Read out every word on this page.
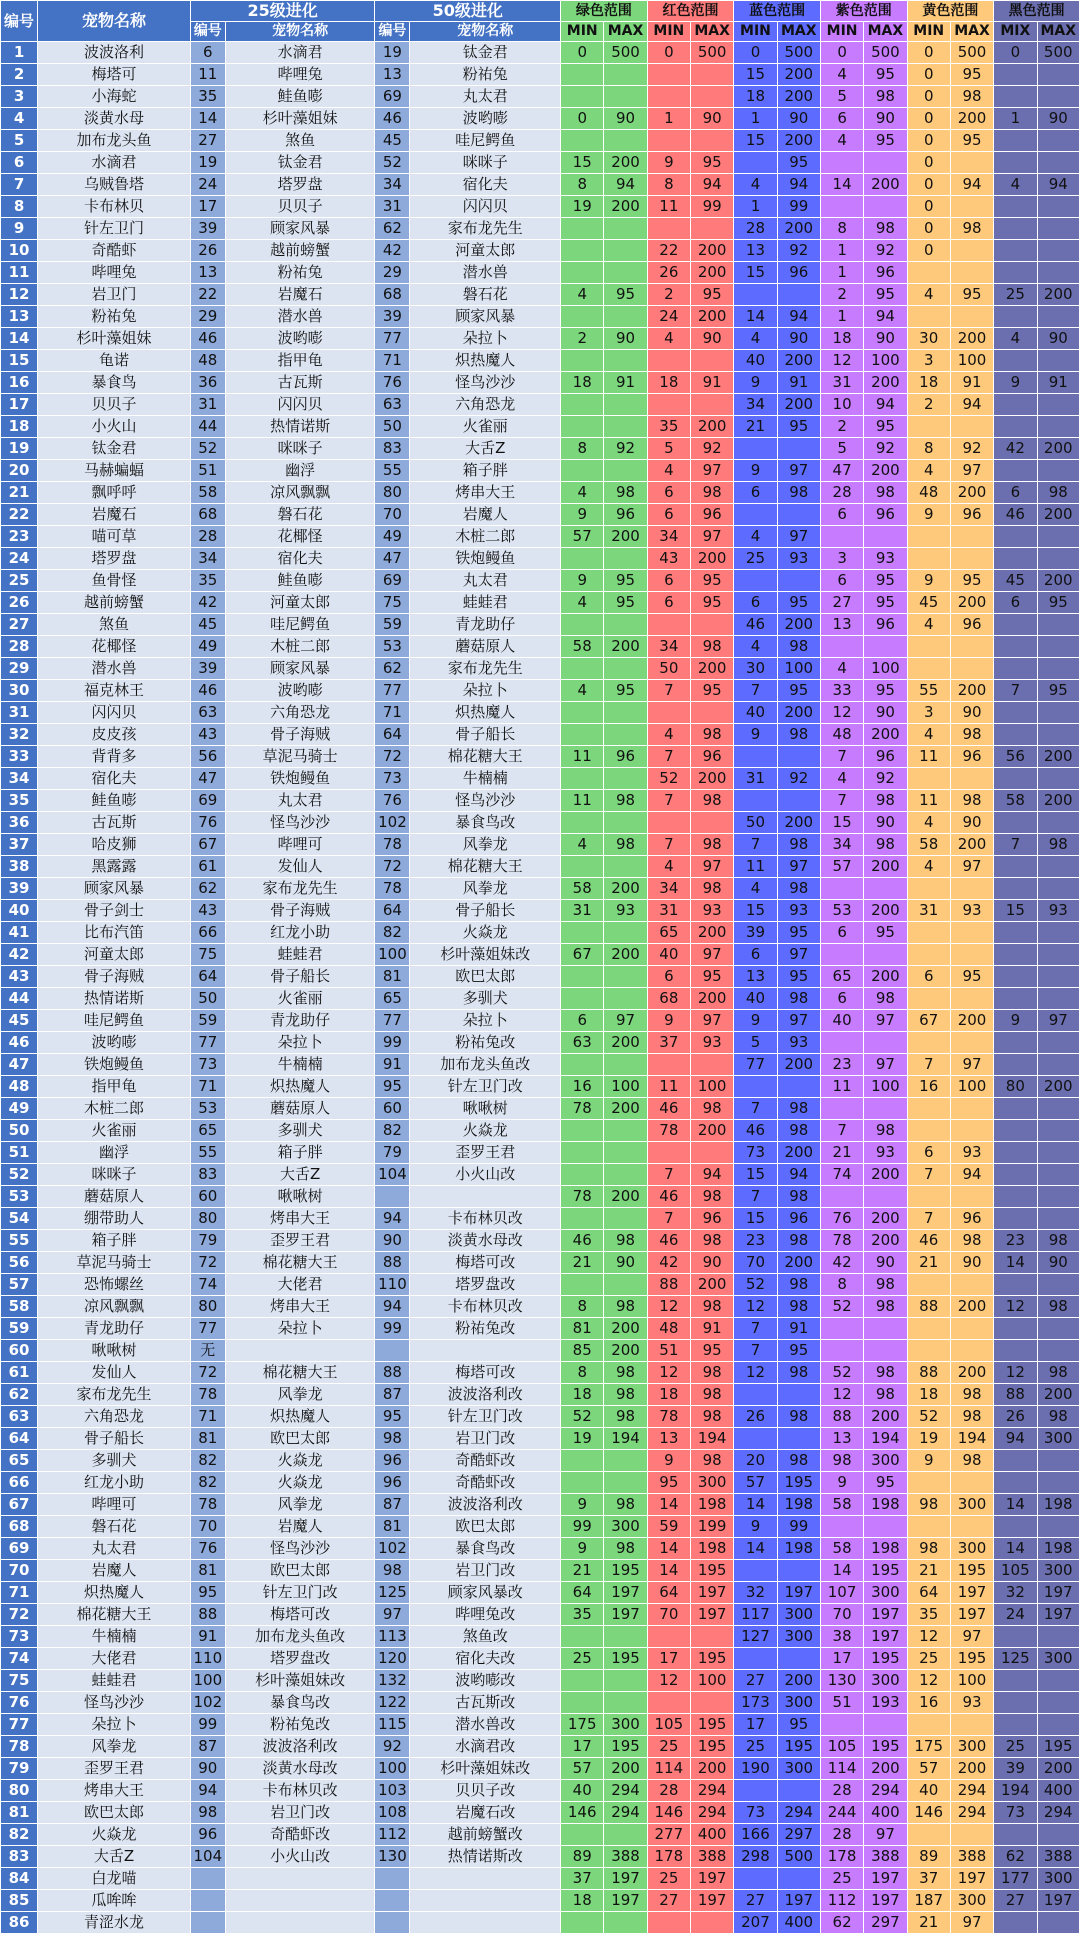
编号	宠物名称	25级进化		50级进化		绿色范围		红色范围		蓝色范围		紫色范围		黄色范围		黑色范围	
		编号	宠物名称	编号	宠物名称	MIN	MAX	MIN	MAX	MIN	MAX	MIN	MAX	MIN	MAX	MIX	MAX
1	波波洛利	6	水滴君	19	钛金君	0	500	0	500	0	500	0	500	0	500	0	500
2	梅塔可	11	哔哩兔	13	粉祐兔					15	200	4	95	0	95		
3	小海蛇	35	鲑鱼嘭	69	丸太君					18	200	5	98	0	98		
4	淡黄水母	14	杉叶藻姐妹	46	波哟嘭	0	90	1	90	1	90	6	90	0	200	1	90
5	加布龙头鱼	27	煞鱼	45	哇尼鳄鱼					15	200	4	95	0	95		
6	水滴君	19	钛金君	52	咪咪子	15	200	9	95		95			0			
7	乌贼鲁塔	24	塔罗盘	34	宿化夫	8	94	8	94	4	94	14	200	0	94	4	94
8	卡布林贝	17	贝贝子	31	闪闪贝	19	200	11	99	1	99			0			
9	针左卫门	39	顾家风暴	62	家布龙先生					28	200	8	98	0	98		
10	奇酷虾	26	越前螃蟹	42	河童太郎			22	200	13	92	1	92	0			
11	哔哩兔	13	粉祐兔	29	潜水兽			26	200	15	96	1	96				
12	岩卫门	22	岩魔石	68	磐石花	4	95	2	95			2	95	4	95	25	200
13	粉祐兔	29	潜水兽	39	顾家风暴			24	200	14	94	1	94				
14	杉叶藻姐妹	46	波哟嘭	77	朵拉卜	2	90	4	90	4	90	18	90	30	200	4	90
15	龟诺	48	指甲龟	71	炽热魔人					40	200	12	100	3	100		
16	暴食鸟	36	古瓦斯	76	怪鸟沙沙	18	91	18	91	9	91	31	200	18	91	9	91
17	贝贝子	31	闪闪贝	63	六角恐龙					34	200	10	94	2	94		
18	小火山	44	热情诺斯	50	火雀丽			35	200	21	95	2	95				
19	钛金君	52	咪咪子	83	大舌Z	8	92	5	92			5	92	8	92	42	200
20	马赫蝙蝠	51	幽浮	55	箱子胖			4	97	9	97	47	200	4	97		
21	飘呼呼	58	凉风飘飘	80	烤串大王	4	98	6	98	6	98	28	98	48	200	6	98
22	岩魔石	68	磐石花	70	岩魔人	9	96	6	96			6	96	9	96	46	200
23	喵可草	28	花椰怪	49	木桩二郎	57	200	34	97	4	97						
24	塔罗盘	34	宿化夫	47	铁炮鳗鱼			43	200	25	93	3	93				
25	鱼骨怪	35	鲑鱼嘭	69	丸太君	9	95	6	95			6	95	9	95	45	200
26	越前螃蟹	42	河童太郎	75	蛙蛙君	4	95	6	95	6	95	27	95	45	200	6	95
27	煞鱼	45	哇尼鳄鱼	59	青龙助仔					46	200	13	96	4	96		
28	花椰怪	49	木桩二郎	53	蘑菇原人	58	200	34	98	4	98						
29	潜水兽	39	顾家风暴	62	家布龙先生			50	200	30	100	4	100				
30	福克林王	46	波哟嘭	77	朵拉卜	4	95	7	95	7	95	33	95	55	200	7	95
31	闪闪贝	63	六角恐龙	71	炽热魔人					40	200	12	90	3	90		
32	皮皮孩	43	骨子海贼	64	骨子船长			4	98	9	98	48	200	4	98		
33	背背多	56	草泥马骑士	72	棉花糖大王	11	96	7	96			7	96	11	96	56	200
34	宿化夫	47	铁炮鳗鱼	73	牛楠楠			52	200	31	92	4	92				
35	鲑鱼嘭	69	丸太君	76	怪鸟沙沙	11	98	7	98			7	98	11	98	58	200
36	古瓦斯	76	怪鸟沙沙	102	暴食鸟改					50	200	15	90	4	90		
37	哈皮狮	67	哔哩可	78	风拳龙	4	98	7	98	7	98	34	98	58	200	7	98
38	黑露露	61	发仙人	72	棉花糖大王			4	97	11	97	57	200	4	97		
39	顾家风暴	62	家布龙先生	78	风拳龙	58	200	34	98	4	98						
40	骨子剑士	43	骨子海贼	64	骨子船长	31	93	31	93	15	93	53	200	31	93	15	93
41	比布汽笛	66	红龙小助	82	火焱龙			65	200	39	95	6	95				
42	河童太郎	75	蛙蛙君	100	杉叶藻姐妹改	67	200	40	97	6	97						
43	骨子海贼	64	骨子船长	81	欧巴太郎			6	95	13	95	65	200	6	95		
44	热情诺斯	50	火雀丽	65	多驯犬			68	200	40	98	6	98				
45	哇尼鳄鱼	59	青龙助仔	77	朵拉卜	6	97	9	97	9	97	40	97	67	200	9	97
46	波哟嘭	77	朵拉卜	99	粉祐兔改	63	200	37	93	5	93						
47	铁炮鳗鱼	73	牛楠楠	91	加布龙头鱼改					77	200	23	97	7	97		
48	指甲龟	71	炽热魔人	95	针左卫门改	16	100	11	100			11	100	16	100	80	200
49	木桩二郎	53	蘑菇原人	60	啾啾树	78	200	46	98	7	98						
50	火雀丽	65	多驯犬	82	火焱龙			78	200	46	98	7	98				
51	幽浮	55	箱子胖	79	歪罗王君					73	200	21	93	6	93		
52	咪咪子	83	大舌Z	104	小火山改			7	94	15	94	74	200	7	94		
53	蘑菇原人	60	啾啾树			78	200	46	98	7	98						
54	绷带助人	80	烤串大王	94	卡布林贝改			7	96	15	96	76	200	7	96		
55	箱子胖	79	歪罗王君	90	淡黄水母改	46	98	46	98	23	98	78	200	46	98	23	98
56	草泥马骑士	72	棉花糖大王	88	梅塔可改	21	90	42	90	70	200	42	90	21	90	14	90
57	恐怖螺丝	74	大佬君	110	塔罗盘改			88	200	52	98	8	98				
58	凉风飘飘	80	烤串大王	94	卡布林贝改	8	98	12	98	12	98	52	98	88	200	12	98
59	青龙助仔	77	朵拉卜	99	粉祐兔改	81	200	48	91	7	91						
60	啾啾树	无				85	200	51	95	7	95						
61	发仙人	72	棉花糖大王	88	梅塔可改	8	98	12	98	12	98	52	98	88	200	12	98
62	家布龙先生	78	风拳龙	87	波波洛利改	18	98	18	98			12	98	18	98	88	200
63	六角恐龙	71	炽热魔人	95	针左卫门改	52	98	78	98	26	98	88	200	52	98	26	98
64	骨子船长	81	欧巴太郎	98	岩卫门改	19	194	13	194			13	194	19	194	94	300
65	多驯犬	82	火焱龙	96	奇酷虾改			9	98	20	98	98	300	9	98		
66	红龙小助	82	火焱龙	96	奇酷虾改			95	300	57	195	9	95				
67	哔哩可	78	风拳龙	87	波波洛利改	9	98	14	198	14	198	58	198	98	300	14	198
68	磐石花	70	岩魔人	81	欧巴太郎	99	300	59	199	9	99						
69	丸太君	76	怪鸟沙沙	102	暴食鸟改	9	98	14	198	14	198	58	198	98	300	14	198
70	岩魔人	81	欧巴太郎	98	岩卫门改	21	195	14	195			14	195	21	195	105	300
71	炽热魔人	95	针左卫门改	125	顾家风暴改	64	197	64	197	32	197	107	300	64	197	32	197
72	棉花糖大王	88	梅塔可改	97	哔哩兔改	35	197	70	197	117	300	70	197	35	197	24	197
73	牛楠楠	91	加布龙头鱼改	113	煞鱼改					127	300	38	197	12	97		
74	大佬君	110	塔罗盘改	120	宿化夫改	25	195	17	195			17	195	25	195	125	300
75	蛙蛙君	100	杉叶藻姐妹改	132	波哟嘭改			12	100	27	200	130	300	12	100		
76	怪鸟沙沙	102	暴食鸟改	122	古瓦斯改					173	300	51	193	16	93		
77	朵拉卜	99	粉祐兔改	115	潜水兽改	175	300	105	195	17	95						
78	风拳龙	87	波波洛利改	92	水滴君改	17	195	25	195	25	195	105	195	175	300	25	195
79	歪罗王君	90	淡黄水母改	100	杉叶藻姐妹改	57	200	114	200	190	300	114	200	57	200	39	200
80	烤串大王	94	卡布林贝改	103	贝贝子改	40	294	28	294			28	294	40	294	194	400
81	欧巴太郎	98	岩卫门改	108	岩魔石改	146	294	146	294	73	294	244	400	146	294	73	294
82	火焱龙	96	奇酷虾改	112	越前螃蟹改			277	400	166	297	28	97				
83	大舌Z	104	小火山改	130	热情诺斯改	89	388	178	388	298	500	178	388	89	388	62	388
84	白龙喵					37	197	25	197			25	197	37	197	177	300
85	瓜哞哞					18	197	27	197	27	197	112	197	187	300	27	197
86	青涩水龙									207	400	62	297	21	97		
